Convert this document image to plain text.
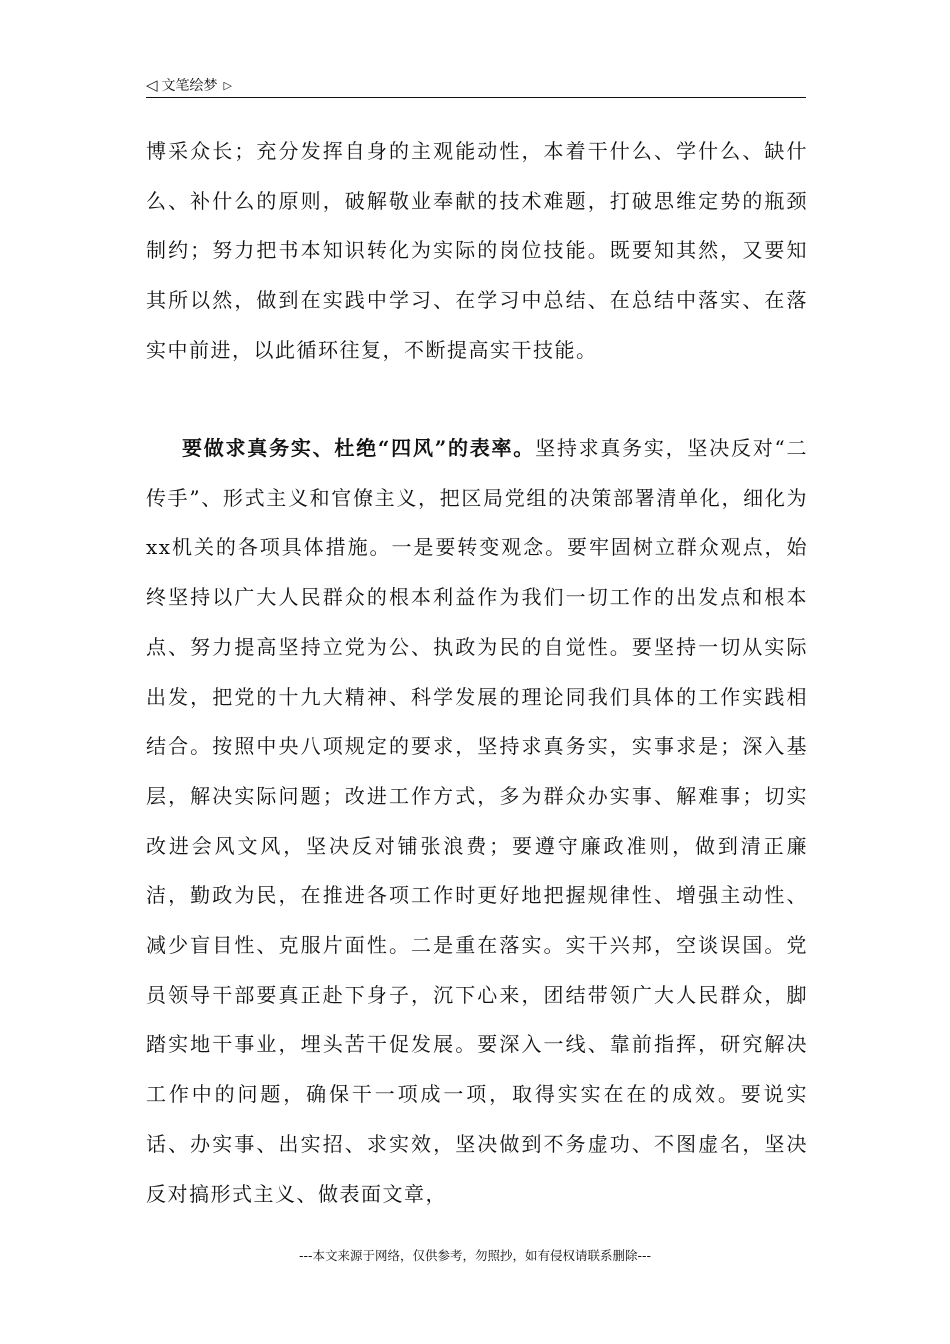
◁ 文笔绘梦 ▷

博采众长；充分发挥自身的主观能动性，本着干什么、学什么、缺什么、补什么的原则，破解敬业奉献的技术难题，打破思维定势的瓶颈制约；努力把书本知识转化为实际的岗位技能。既要知其然，又要知其所以然，做到在实践中学习、在学习中总结、在总结中落实、在落实中前进，以此循环往复，不断提高实干技能。

要做求真务实、杜绝“四风”的表率。坚持求真务实，坚决反对“二传手”、形式主义和官僚主义，把区局党组的决策部署清单化，细化为xx机关的各项具体措施。一是要转变观念。要牢固树立群众观点，始终坚持以广大人民群众的根本利益作为我们一切工作的出发点和根本点、努力提高坚持立党为公、执政为民的自觉性。要坚持一切从实际出发，把党的十九大精神、科学发展的理论同我们具体的工作实践相结合。按照中央八项规定的要求，坚持求真务实，实事求是；深入基层，解决实际问题；改进工作方式，多为群众办实事、解难事；切实改进会风文风，坚决反对铺张浪费；要遵守廉政准则，做到清正廉洁，勤政为民，在推进各项工作时更好地把握规律性、增强主动性、减少盲目性、克服片面性。二是重在落实。实干兴邦，空谈误国。党员领导干部要真正赴下身子，沉下心来，团结带领广大人民群众，脚踏实地干事业，埋头苦干促发展。要深入一线、靠前指挥，研究解决工作中的问题，确保干一项成一项，取得实实在在的成效。要说实话、办实事、出实招、求实效，坚决做到不务虚功、不图虚名，坚决反对搞形式主义、做表面文章，

---本文来源于网络，仅供参考，勿照抄，如有侵权请联系删除---
